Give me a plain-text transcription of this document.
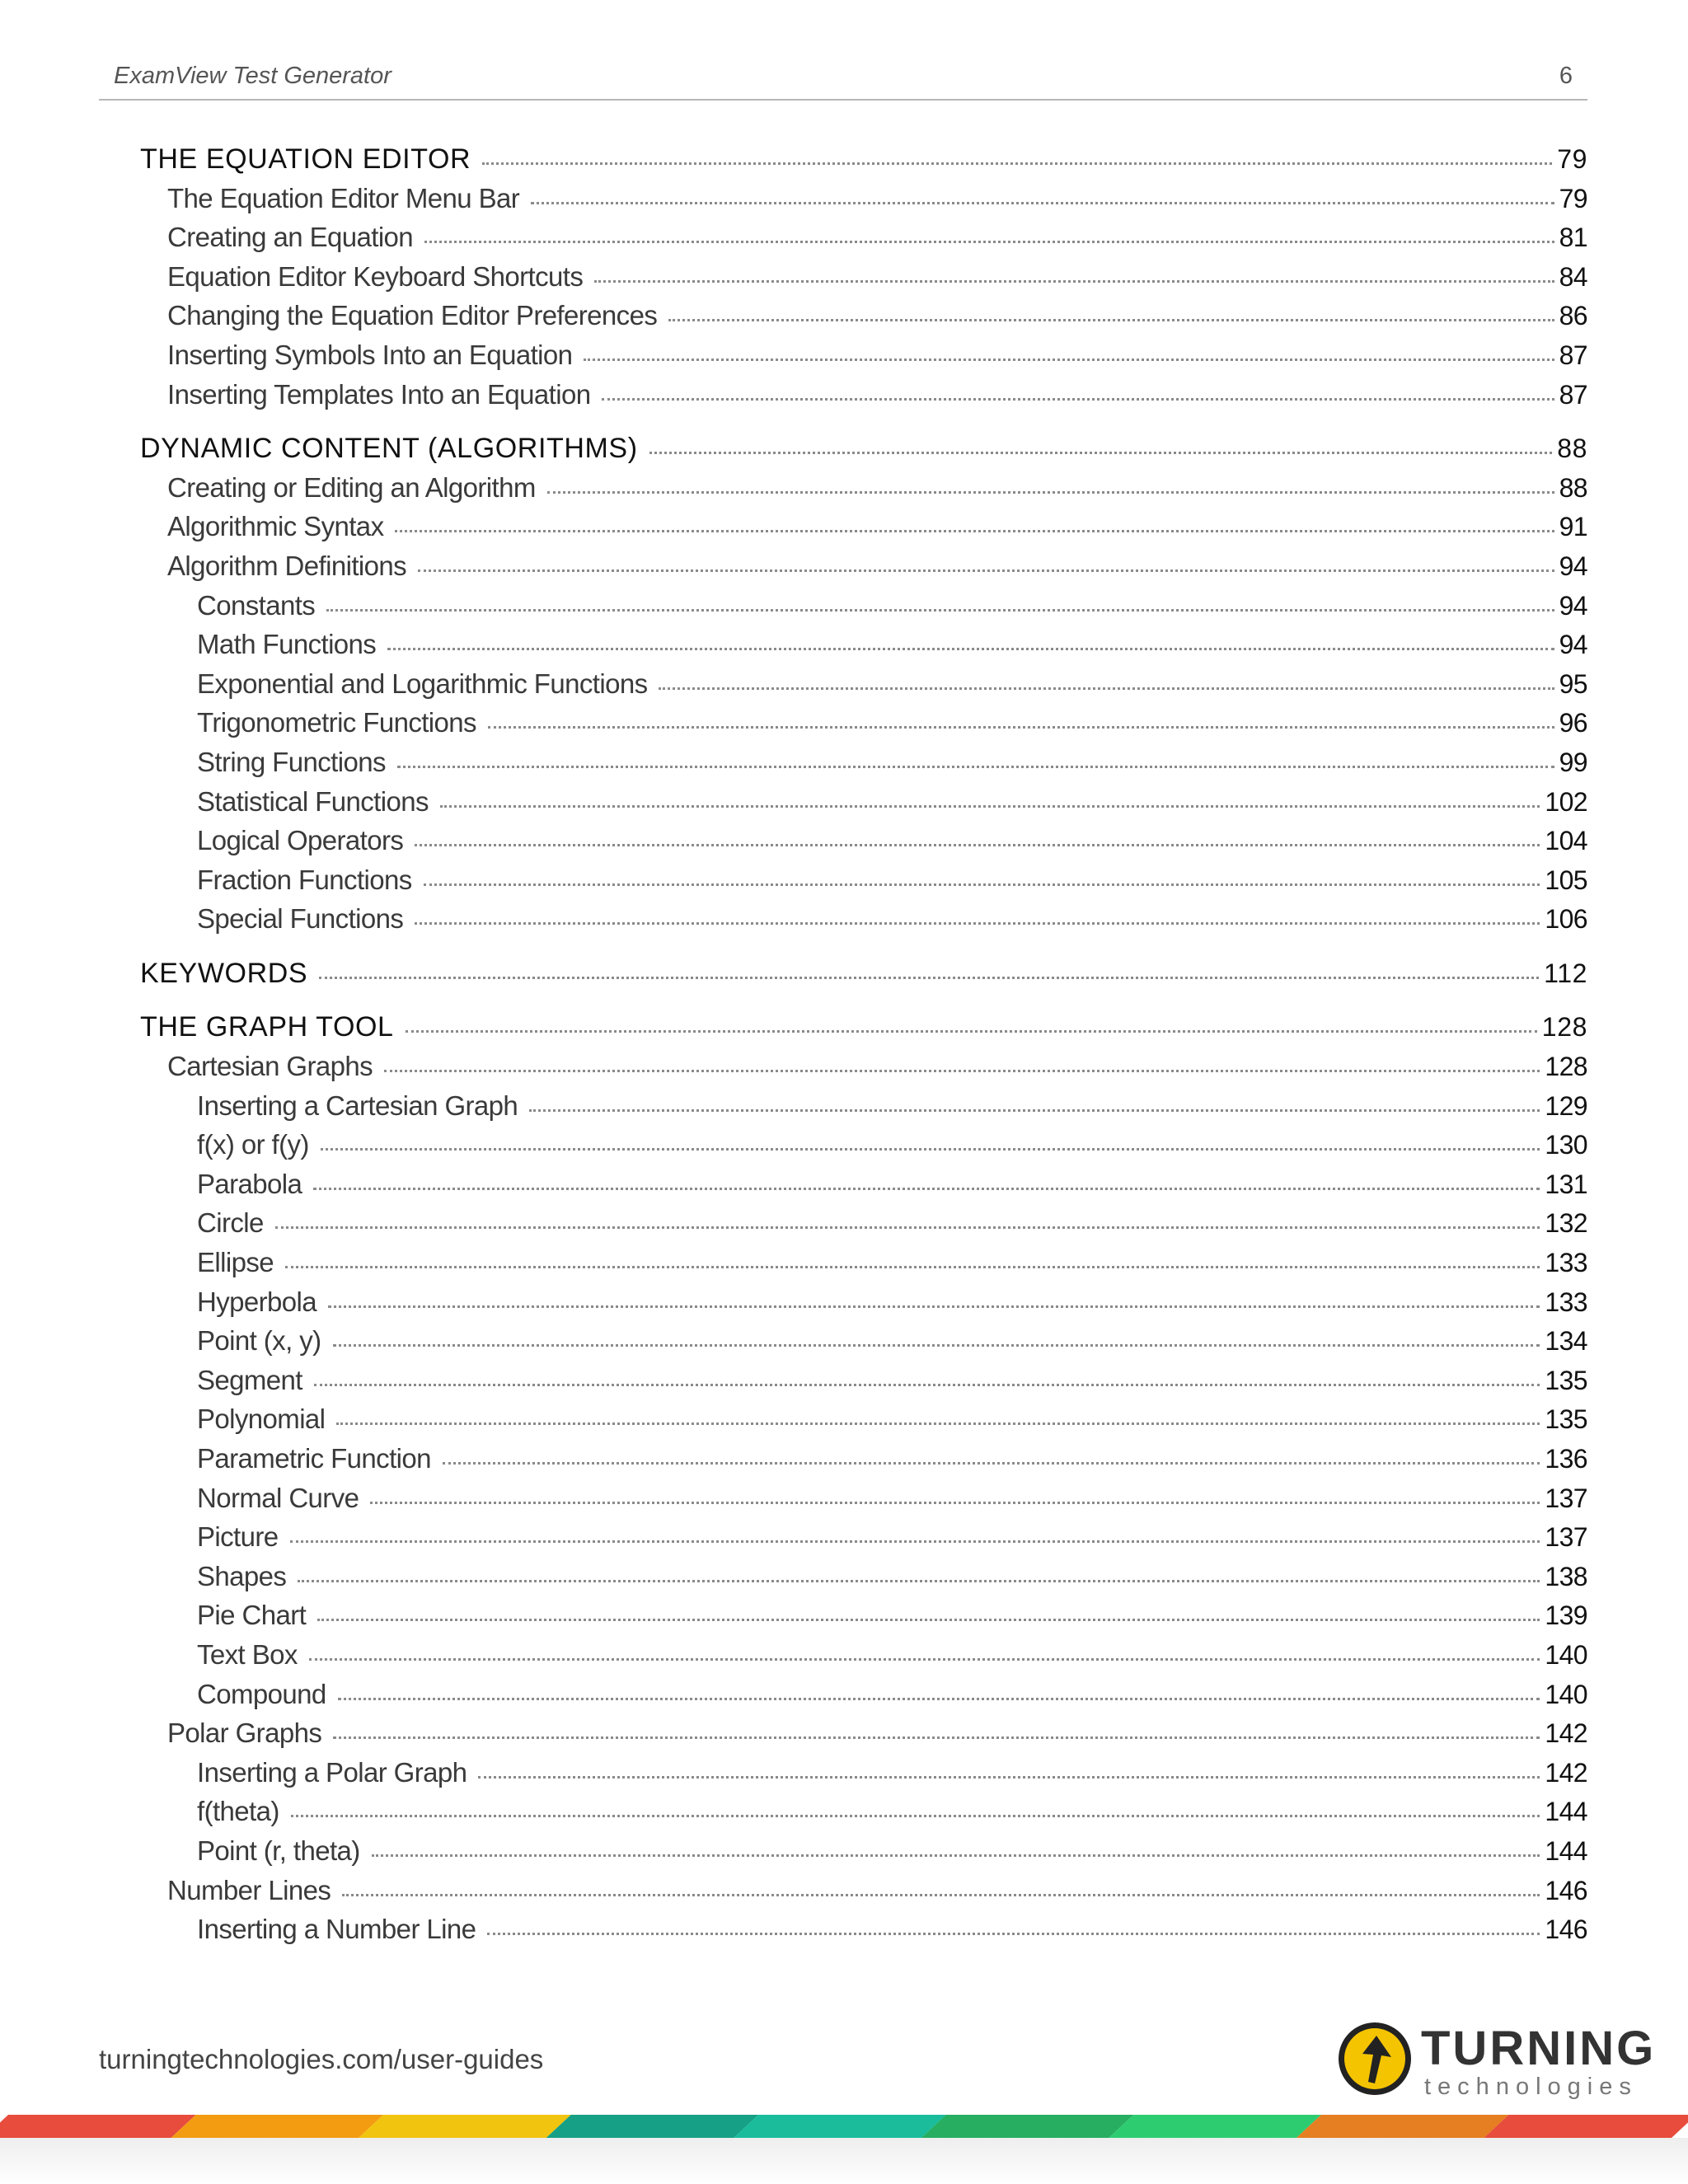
ExamView Test Generator	6
THE EQUATION EDITOR	79
The Equation Editor Menu Bar	79
Creating an Equation	81
Equation Editor Keyboard Shortcuts	84
Changing the Equation Editor Preferences	86
Inserting Symbols Into an Equation	87
Inserting Templates Into an Equation	87
DYNAMIC CONTENT (ALGORITHMS)	88
Creating or Editing an Algorithm	88
Algorithmic Syntax	91
Algorithm Definitions	94
Constants	94
Math Functions	94
Exponential and Logarithmic Functions	95
Trigonometric Functions	96
String Functions	99
Statistical Functions	102
Logical Operators	104
Fraction Functions	105
Special Functions	106
KEYWORDS	112
THE GRAPH TOOL	128
Cartesian Graphs	128
Inserting a Cartesian Graph	129
f(x) or f(y)	130
Parabola	131
Circle	132
Ellipse	133
Hyperbola	133
Point (x, y)	134
Segment	135
Polynomial	135
Parametric Function	136
Normal Curve	137
Picture	137
Shapes	138
Pie Chart	139
Text Box	140
Compound	140
Polar Graphs	142
Inserting a Polar Graph	142
f(theta)	144
Point (r, theta)	144
Number Lines	146
Inserting a Number Line	146
turningtechnologies.com/user-guides	TURNING
technologies
